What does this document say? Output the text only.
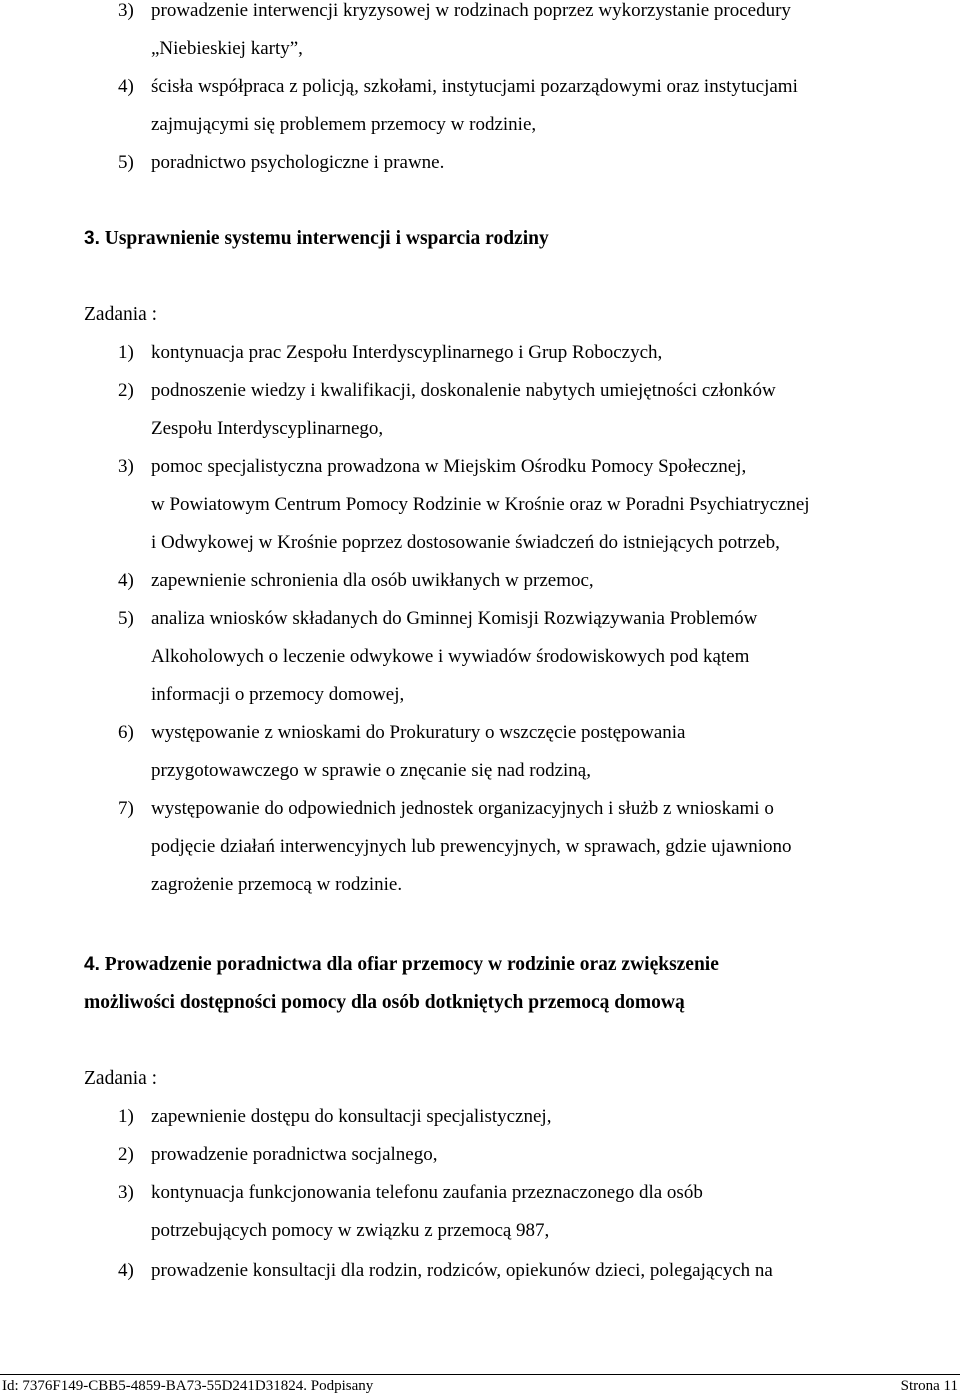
3) prowadzenie interwencji kryzysowej w rodzinach poprzez wykorzystanie procedury
„Niebieskiej karty”,
4) ścisła współpraca z policją, szkołami, instytucjami pozarządowymi oraz instytucjami
zajmującymi się problemem przemocy w rodzinie,
5) poradnictwo psychologiczne i prawne.
3. Usprawnienie systemu interwencji i wsparcia rodziny
Zadania :
1) kontynuacja prac Zespołu Interdyscyplinarnego i Grup Roboczych,
2) podnoszenie wiedzy i kwalifikacji, doskonalenie nabytych umiejętności członków
Zespołu Interdyscyplinarnego,
3) pomoc specjalistyczna prowadzona w Miejskim Ośrodku Pomocy Społecznej,
w Powiatowym Centrum Pomocy Rodzinie w Krośnie oraz w Poradni Psychiatrycznej
i Odwykowej w Krośnie poprzez dostosowanie świadczeń do istniejących potrzeb,
4) zapewnienie schronienia dla osób uwikłanych w przemoc,
5) analiza wniosków składanych do Gminnej Komisji Rozwiązywania Problemów
Alkoholowych o leczenie odwykowe i wywiadów środowiskowych pod kątem
informacji o przemocy domowej,
6) występowanie z wnioskami do Prokuratury o wszczęcie postępowania
przygotowawczego w sprawie o znęcanie się nad rodziną,
7) występowanie do odpowiednich jednostek organizacyjnych i służb z wnioskami o
podjęcie działań interwencyjnych lub prewencyjnych, w sprawach, gdzie ujawniono
zagrożenie przemocą w rodzinie.
4. Prowadzenie poradnictwa dla ofiar przemocy w rodzinie oraz zwiększenie
możliwości dostępności pomocy dla osób dotkniętych przemocą domową
Zadania :
1) zapewnienie dostępu do konsultacji specjalistycznej,
2) prowadzenie poradnictwa socjalnego,
3) kontynuacja funkcjonowania telefonu zaufania przeznaczonego dla osób
potrzebujących pomocy w związku z przemocą 987,
4) prowadzenie konsultacji dla rodzin, rodziców, opiekunów dzieci, polegających na
Id: 7376F149-CBB5-4859-BA73-55D241D31824. Podpisany	Strona 11
